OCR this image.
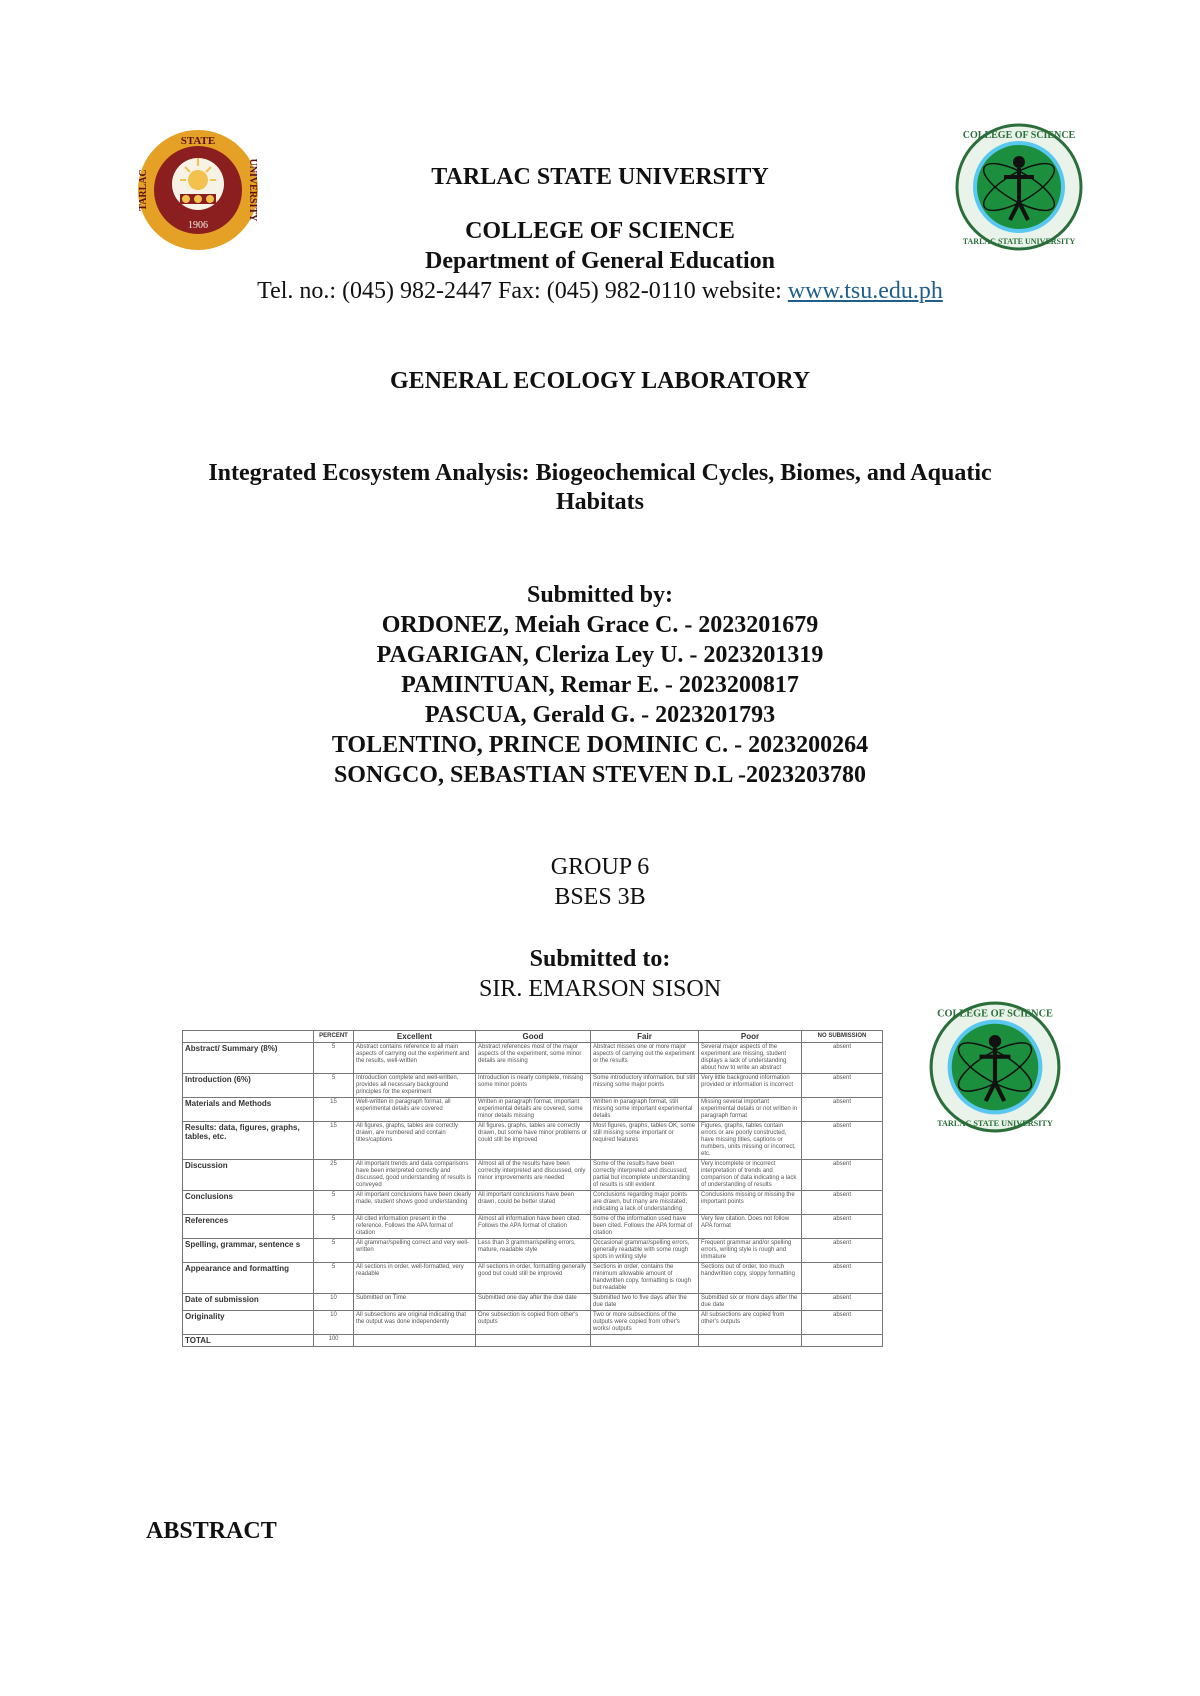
STATE
TARLAC	UNIVERSITY
1906
COLLEGE OF SCIENCE
TARLAC STATE UNIVERSITY
TARLAC STATE UNIVERSITY
COLLEGE OF SCIENCE
Department of General Education
Tel. no.: (045) 982-2447 Fax: (045) 982-0110 website: www.tsu.edu.ph
GENERAL ECOLOGY LABORATORY
Integrated Ecosystem Analysis: Biogeochemical Cycles, Biomes, and Aquatic
Habitats
Submitted by:
ORDONEZ, Meiah Grace C. - 2023201679
PAGARIGAN, Cleriza Ley U. - 2023201319
PAMINTUAN, Remar E. - 2023200817
PASCUA, Gerald G. - 2023201793
TOLENTINO, PRINCE DOMINIC C. - 2023200264
SONGCO, SEBASTIAN STEVEN D.L -2023203780
GROUP 6
BSES 3B
Submitted to:
SIR. EMARSON SISON
	PERCENT	Excellent	Good	Fair	Poor	NO SUBMISSION
Abstract/ Summary (8%)	5	Abstract contains reference to all main aspects of carrying out the experiment and the results, well-written	Abstract references most of the major aspects of the experiment, some minor details are missing	Abstract misses one or more major aspects of carrying out the experiment or the results	Several major aspects of the experiment are missing, student displays a lack of understanding about how to write an abstract	absent
Introduction (6%)	5	Introduction complete and well-written, provides all necessary background principles for the experiment	Introduction is nearly complete, missing some minor points	Some introductory information, but still missing some major points	Very little background information provided or information is incorrect	absent
Materials and Methods	15	Well-written in paragraph format, all experimental details are covered	Written in paragraph format, important experimental details are covered, some minor details missing	Written in paragraph format, still missing some important experimental details	Missing several important experimental details or not written in paragraph format	absent
Results: data, figures, graphs, tables, etc.	15	All figures, graphs, tables are correctly drawn, are numbered and contain titles/captions	All figures, graphs, tables are correctly drawn, but some have minor problems or could still be improved	Most figures, graphs, tables OK, some still missing some important or required features	Figures, graphs, tables contain errors or are poorly constructed, have missing titles, captions or numbers, units missing or incorrect, etc.	absent
Discussion	25	All important trends and data comparisons have been interpreted correctly and discussed, good understanding of results is conveyed	Almost all of the results have been correctly interpreted and discussed, only minor improvements are needed	Some of the results have been correctly interpreted and discussed; partial but incomplete understanding of results is still evident	Very incomplete or incorrect interpretation of trends and comparison of data indicating a lack of understanding of results	absent
Conclusions	5	All important conclusions have been clearly made, student shows good understanding	All important conclusions have been drawn, could be better stated	Conclusions regarding major points are drawn, but many are misstated, indicating a lack of understanding	Conclusions missing or missing the important points	absent
References	5	All cited information present in the reference. Follows the APA format of citation	Almost all information have been cited. Follows the APA format of citation	Some of the information used have been cited. Follows the APA format of citation	Very few citation. Does not follow APA format	absent
Spelling, grammar, sentence s	5	All grammar/spelling correct and very well-written	Less than 3 grammar/spelling errors, mature, readable style	Occasional grammar/spelling errors, generally readable with some rough spots in writing style	Frequent grammar and/or spelling errors, writing style is rough and immature	absent
Appearance and formatting	5	All sections in order, well-formatted, very readable	All sections in order, formatting generally good but could still be improved	Sections in order, contains the minimum allowable amount of handwritten copy, formatting is rough but readable	Sections out of order, too much handwritten copy, sloppy formatting	absent
Date of submission	10	Submitted on Time	Submitted one day after the due date	Submitted two to five days after the due date	Submitted six or more days after the due date	absent
Originality	10	All subsections are original indicating that the output was done independently	One subsection is copied from other's outputs	Two or more subsections of the outputs were copied from other's works/ outputs	All subsections are copied from other's outputs	absent
TOTAL	100					
COLLEGE OF SCIENCE
TARLAC STATE UNIVERSITY
ABSTRACT
